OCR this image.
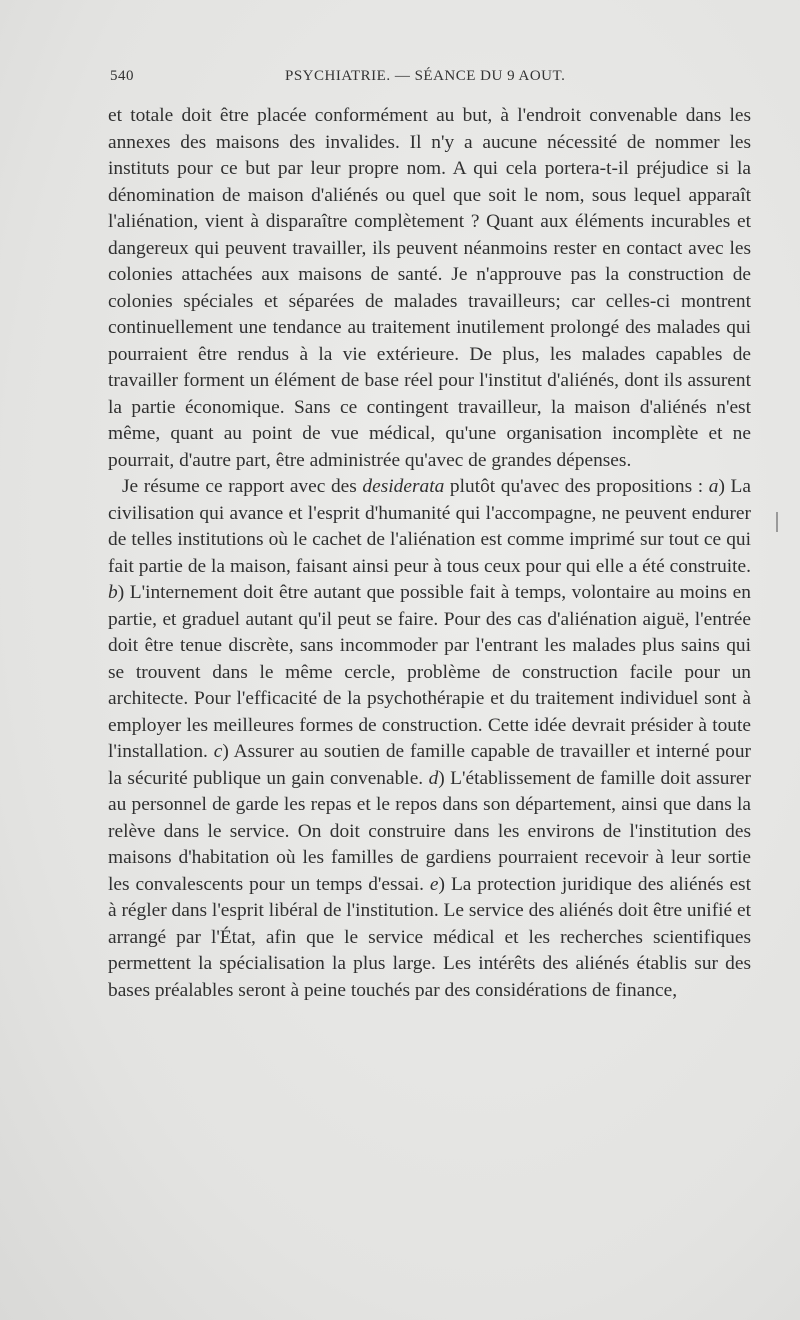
540	PSYCHIATRIE. — SÉANCE DU 9 AOUT.

et totale doit être placée conformément au but, à l'endroit convenable dans les annexes des maisons des invalides. Il n'y a aucune nécessité de nommer les instituts pour ce but par leur propre nom. A qui cela portera-t-il préjudice si la dénomination de maison d'aliénés ou quel que soit le nom, sous lequel apparaît l'aliénation, vient à disparaître complètement ? Quant aux éléments incurables et dangereux qui peuvent travailler, ils peuvent néanmoins rester en contact avec les colonies attachées aux maisons de santé. Je n'approuve pas la construction de colonies spéciales et séparées de malades travailleurs; car celles-ci montrent continuellement une tendance au traitement inutilement prolongé des malades qui pourraient être rendus à la vie extérieure. De plus, les malades capables de travailler forment un élément de base réel pour l'institut d'aliénés, dont ils assurent la partie économique. Sans ce contingent travailleur, la maison d'aliénés n'est même, quant au point de vue médical, qu'une organisation incomplète et ne pourrait, d'autre part, être administrée qu'avec de grandes dépenses.

Je résume ce rapport avec des desiderata plutôt qu'avec des propositions : a) La civilisation qui avance et l'esprit d'humanité qui l'accompagne, ne peuvent endurer de telles institutions où le cachet de l'aliénation est comme imprimé sur tout ce qui fait partie de la maison, faisant ainsi peur à tous ceux pour qui elle a été construite. b) L'internement doit être autant que possible fait à temps, volontaire au moins en partie, et graduel autant qu'il peut se faire. Pour des cas d'aliénation aiguë, l'entrée doit être tenue discrète, sans incommoder par l'entrant les malades plus sains qui se trouvent dans le même cercle, problème de construction facile pour un architecte. Pour l'efficacité de la psychothérapie et du traitement individuel sont à employer les meilleures formes de construction. Cette idée devrait présider à toute l'installation. c) Assurer au soutien de famille capable de travailler et interné pour la sécurité publique un gain convenable. d) L'établissement de famille doit assurer au personnel de garde les repas et le repos dans son département, ainsi que dans la relève dans le service. On doit construire dans les environs de l'institution des maisons d'habitation où les familles de gardiens pourraient recevoir à leur sortie les convalescents pour un temps d'essai. e) La protection juridique des aliénés est à régler dans l'esprit libéral de l'institution. Le service des aliénés doit être unifié et arrangé par l'État, afin que le service médical et les recherches scientifiques permettent la spécialisation la plus large. Les intérêts des aliénés établis sur des bases préalables seront à peine touchés par des considérations de finance,
